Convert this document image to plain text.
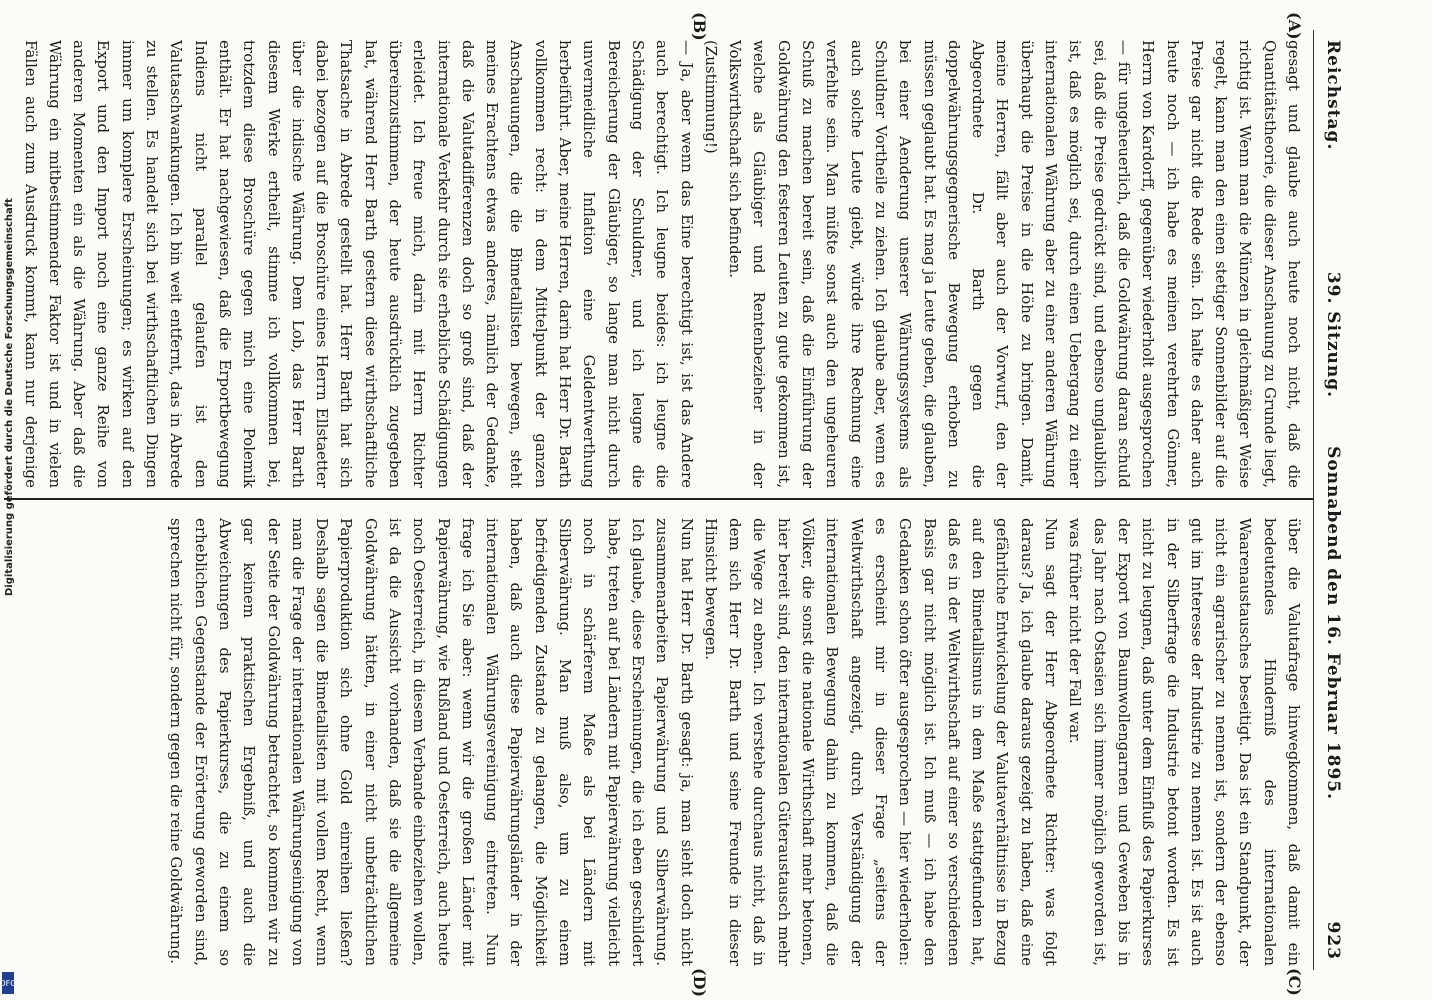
Reichstag.
39. Sitzung.
Sonnabend den 16. Februar 1895.
923
(A)
(B)
(C)
(D)
gesagt und glaube auch heute noch nicht, daß die Quantitätstheorie, die dieser Anschauung zu Grunde liegt, richtig ist. Wenn man die Münzen in gleichmäßiger Weise regelt, kann man den einen stetiger Sonnenbilder auf die Preise gar nicht die Rede sein. Ich halte es daher auch heute noch — ich habe es meinen verehrten Gönner, Herrn von Kardorff, gegenüber wiederholt ausgesprochen — für ungeheuerlich, daß die Goldwährung daran schuld sei, daß die Preise gedrückt sind, und ebenso unglaublich ist, daß es möglich sei, durch einen Uebergang zu einer internationalen Währung aber zu einer anderen Währung überhaupt die Preise in die Höhe zu bringen. Damit, meine Herren, fällt aber auch der Vorwurf, den der Abgeordnete Dr. Barth gegen die doppelwährungsgegnerische Bewegung erhoben zu müssen geglaubt hat. Es mag ja Leute geben, die glauben, bei einer Aenderung unserer Währungssystems als Schuldner Vortheile zu ziehen. Ich glaube aber, wenn es auch solche Leute giebt, würde ihre Rechnung eine verfehlte sein. Man müßte sonst auch den ungeheuren Schuß zu machen bereit sein, daß die Einführung der Goldwährung den festeren Leuten zu gute gekommen ist, welche als Gläubiger und Rentenbezieher in der Volkswirthschaft sich befinden.
(Zustimmung!)
— Ja, aber wenn das Eine berechtigt ist, ist das Andere auch berechtigt. Ich leugne beides: ich leugne die Schädigung der Schuldner, und ich leugne die Bereicherung der Gläubiger, so lange man nicht durch unvermeidliche Inflation eine Geldentwerthung herbeiführt. Aber, meine Herren, darin hat Herr Dr. Barth vollkommen recht: in dem Mittelpunkt der ganzen Anschauungen, die die Bimetallisten bewegen, steht meines Erachtens etwas anderes, nämlich der Gedanke, daß die Valutadifferenzen doch so groß sind, daß der internationale Verkehr durch sie erhebliche Schädigungen erleidet. Ich freue mich, darin mit Herrn Richter übereinzustimmen, der heute ausdrücklich zugegeben hat, während Herr Barth gestern diese wirthschaftliche Thatsache in Abrede gestellt hat. Herr Barth hat sich dabei bezogen auf die Broschüre eines Herrn Ellstaetter über die indische Währung. Dem Lob, das Herr Barth diesem Werke ertheilt, stimme ich vollkommen bei, trotzdem diese Broschüre gegen mich eine Polemik enthält. Er hat nachgewiesen, daß die Erportbewegung Indiens nicht parallel gelaufen ist den Valutaschwankungen. Ich bin weit entfernt, das in Abrede zu stellen. Es handelt sich bei wirthschaftlichen Dingen immer um komplere Erscheinungen; es wirken auf den Export und den Import noch eine ganze Reihe von anderen Momenten ein als die Währung. Aber daß die Währung ein mitbestimmender Faktor ist und in vielen Fällen auch zum Ausdruck kommt, kann nur derjenige
über die Valutafrage hinwegkommen, daß damit ein bedeutendes Hinderniß des internationalen Waarenaustausches beseitigt. Das ist ein Standpunkt, der nicht ein agrarischer zu nennen ist, sondern der ebenso gut im Interesse der Industrie zu nennen ist. Es ist auch in der Silberfrage die Industrie betont worden. Es ist nicht zu leugnen, daß unter dem Einfluß des Papierkurses der Export von Baumwollengarnen und Geweben bis in das Jahr nach Ostasien sich immer möglich geworden ist, was früher nicht der Fall war.
Nun sagt der Herr Abgeordnete Richter: was folgt daraus? Ja, ich glaube daraus gezeigt zu haben, daß eine gefährliche Entwickelung der Valutaverhältnisse in Bezug auf den Bimetallismus in dem Maße stattgefunden hat, daß es in der Weltwirthschaft auf einer so verschiedenen Basis gar nicht möglich ist. Ich muß — ich habe den Gedanken schon öfter ausgesprochen — hier wiederholen: es erscheint mir in dieser Frage „seitens der Weltwirthschaft angezeigt, durch Verständigung der internationalen Bewegung dahin zu kommen, daß die Völker, die sonst die nationale Wirthschaft mehr betonen, hier bereit sind, den internationalen Güteraustausch mehr die Wege zu ebnen. Ich verstehe durchaus nicht, daß in dem sich Herr Dr. Barth und seine Freunde in dieser Hinsicht bewegen.
Nun hat Herr Dr. Barth gesagt: ja, man sieht doch nicht zusammenarbeiten Papierwährung und Silberwährung. Ich glaube, diese Erscheinungen, die ich eben geschildert habe, treten auf bei Ländern mit Papierwährung vielleicht noch in schärferem Maße als bei Ländern mit Silberwährung. Man muß also, um zu einem befriedigenden Zustande zu gelangen, die Möglichkeit haben, daß auch diese Papierwährungsländer in der internationalen Währungsvereinigung eintreten. Nun frage ich Sie aber: wenn wir die großen Länder mit Papierwährung, wie Rußland und Oesterreich, auch heute noch Oesterreich, in diesem Verbande einbeziehen wollen, ist da die Aussicht vorhanden, daß sie die allgemeine Goldwährung hätten, in einer nicht unbeträchtlichen Papierproduktion sich ohne Gold einreihen ließen? Deshalb sagen die Bimetallisten mit vollem Recht, wenn man die Frage der internationalen Währungseinigung von der Seite der Goldwährung betrachtet, so kommen wir zu gar keinem praktischen Ergebniß, und auch die Abweichungen des Papierkurses, die zu einem so erheblichen Gegenstande der Erörterung geworden sind, sprechen nicht für, sondern gegen die reine Goldwährung.
Digitalisierung gefördert durch die Deutsche Forschungsgemeinschaft
DFG
